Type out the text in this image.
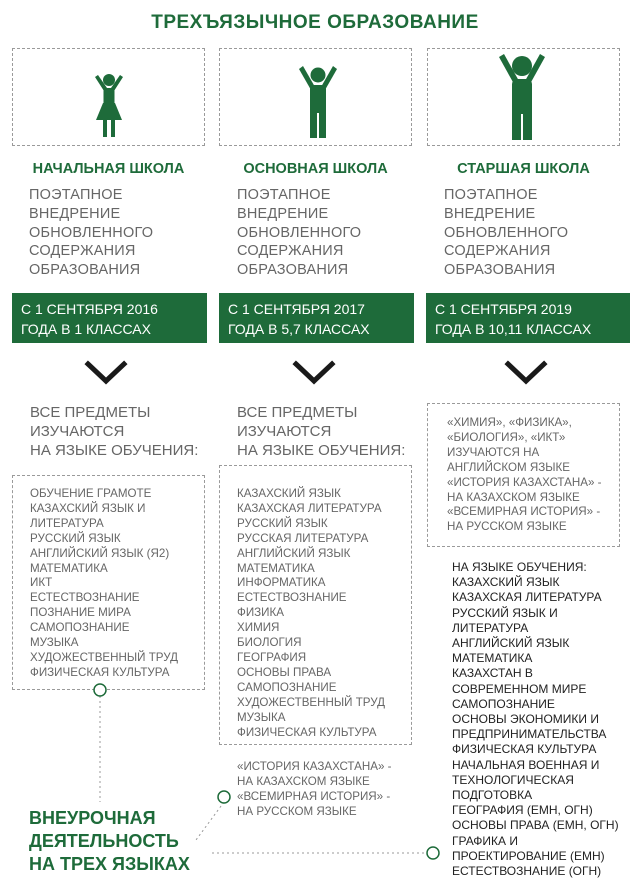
ТРЕХЪЯЗЫЧНОЕ ОБРАЗОВАНИЕ
НАЧАЛЬНАЯ ШКОЛА	ОСНОВНАЯ ШКОЛА	СТАРШАЯ ШКОЛА
ПОЭТАПНОЕ
ВНЕДРЕНИЕ
ОБНОВЛЕННОГО
СОДЕРЖАНИЯ
ОБРАЗОВАНИЯ
ПОЭТАПНОЕ
ВНЕДРЕНИЕ
ОБНОВЛЕННОГО
СОДЕРЖАНИЯ
ОБРАЗОВАНИЯ
ПОЭТАПНОЕ
ВНЕДРЕНИЕ
ОБНОВЛЕННОГО
СОДЕРЖАНИЯ
ОБРАЗОВАНИЯ
С 1 СЕНТЯБРЯ 2016
ГОДА В 1 КЛАССАХ
С 1 СЕНТЯБРЯ 2017
ГОДА В 5,7 КЛАССАХ
С 1 СЕНТЯБРЯ 2019
ГОДА В 10,11 КЛАССАХ
ВСЕ ПРЕДМЕТЫ
ИЗУЧАЮТСЯ
НА ЯЗЫКЕ ОБУЧЕНИЯ:
ВСЕ ПРЕДМЕТЫ
ИЗУЧАЮТСЯ
НА ЯЗЫКЕ ОБУЧЕНИЯ:
«ХИМИЯ», «ФИЗИКА»,
«БИОЛОГИЯ», «ИКТ»
ИЗУЧАЮТСЯ НА
АНГЛИЙСКОМ ЯЗЫКЕ
«ИСТОРИЯ КАЗАХСТАНА» -
НА КАЗАХСКОМ ЯЗЫКЕ
«ВСЕМИРНАЯ ИСТОРИЯ» -
НА РУССКОМ ЯЗЫКЕ
ОБУЧЕНИЕ ГРАМОТЕ
КАЗАХСКИЙ ЯЗЫК И
ЛИТЕРАТУРА
РУССКИЙ ЯЗЫК
АНГЛИЙСКИЙ ЯЗЫК (Я2)
МАТЕМАТИКА
ИКТ
ЕСТЕСТВОЗНАНИЕ
ПОЗНАНИЕ МИРА
САМОПОЗНАНИЕ
МУЗЫКА
ХУДОЖЕСТВЕННЫЙ ТРУД
ФИЗИЧЕСКАЯ КУЛЬТУРА
КАЗАХСКИЙ ЯЗЫК
КАЗАХСКАЯ ЛИТЕРАТУРА
РУССКИЙ ЯЗЫК
РУССКАЯ ЛИТЕРАТУРА
АНГЛИЙСКИЙ ЯЗЫК
МАТЕМАТИКА
ИНФОРМАТИКА
ЕСТЕСТВОЗНАНИЕ
ФИЗИКА
ХИМИЯ
БИОЛОГИЯ
ГЕОГРАФИЯ
ОСНОВЫ ПРАВА
САМОПОЗНАНИЕ
ХУДОЖЕСТВЕННЫЙ ТРУД
МУЗЫКА
ФИЗИЧЕСКАЯ КУЛЬТУРА
НА ЯЗЫКЕ ОБУЧЕНИЯ:
КАЗАХСКИЙ ЯЗЫК
КАЗАХСКАЯ ЛИТЕРАТУРА
РУССКИЙ ЯЗЫК И
ЛИТЕРАТУРА
АНГЛИЙСКИЙ ЯЗЫК
МАТЕМАТИКА
КАЗАХСТАН В
СОВРЕМЕННОМ МИРЕ
САМОПОЗНАНИЕ
ОСНОВЫ ЭКОНОМИКИ И
ПРЕДПРИНИМАТЕЛЬСТВА
ФИЗИЧЕСКАЯ КУЛЬТУРА
НАЧАЛЬНАЯ ВОЕННАЯ И
ТЕХНОЛОГИЧЕСКАЯ
ПОДГОТОВКА
ГЕОГРАФИЯ (ЕМН, ОГН)
ОСНОВЫ ПРАВА (ЕМН, ОГН)
ГРАФИКА И
ПРОЕКТИРОВАНИЕ (ЕМН)
ЕСТЕСТВОЗНАНИЕ (ОГН)
«ИСТОРИЯ КАЗАХСТАНА» -
НА КАЗАХСКОМ ЯЗЫКЕ
«ВСЕМИРНАЯ ИСТОРИЯ» -
НА РУССКОМ ЯЗЫКЕ
ВНЕУРОЧНАЯ
ДЕЯТЕЛЬНОСТЬ
НА ТРЕХ ЯЗЫКАХ
